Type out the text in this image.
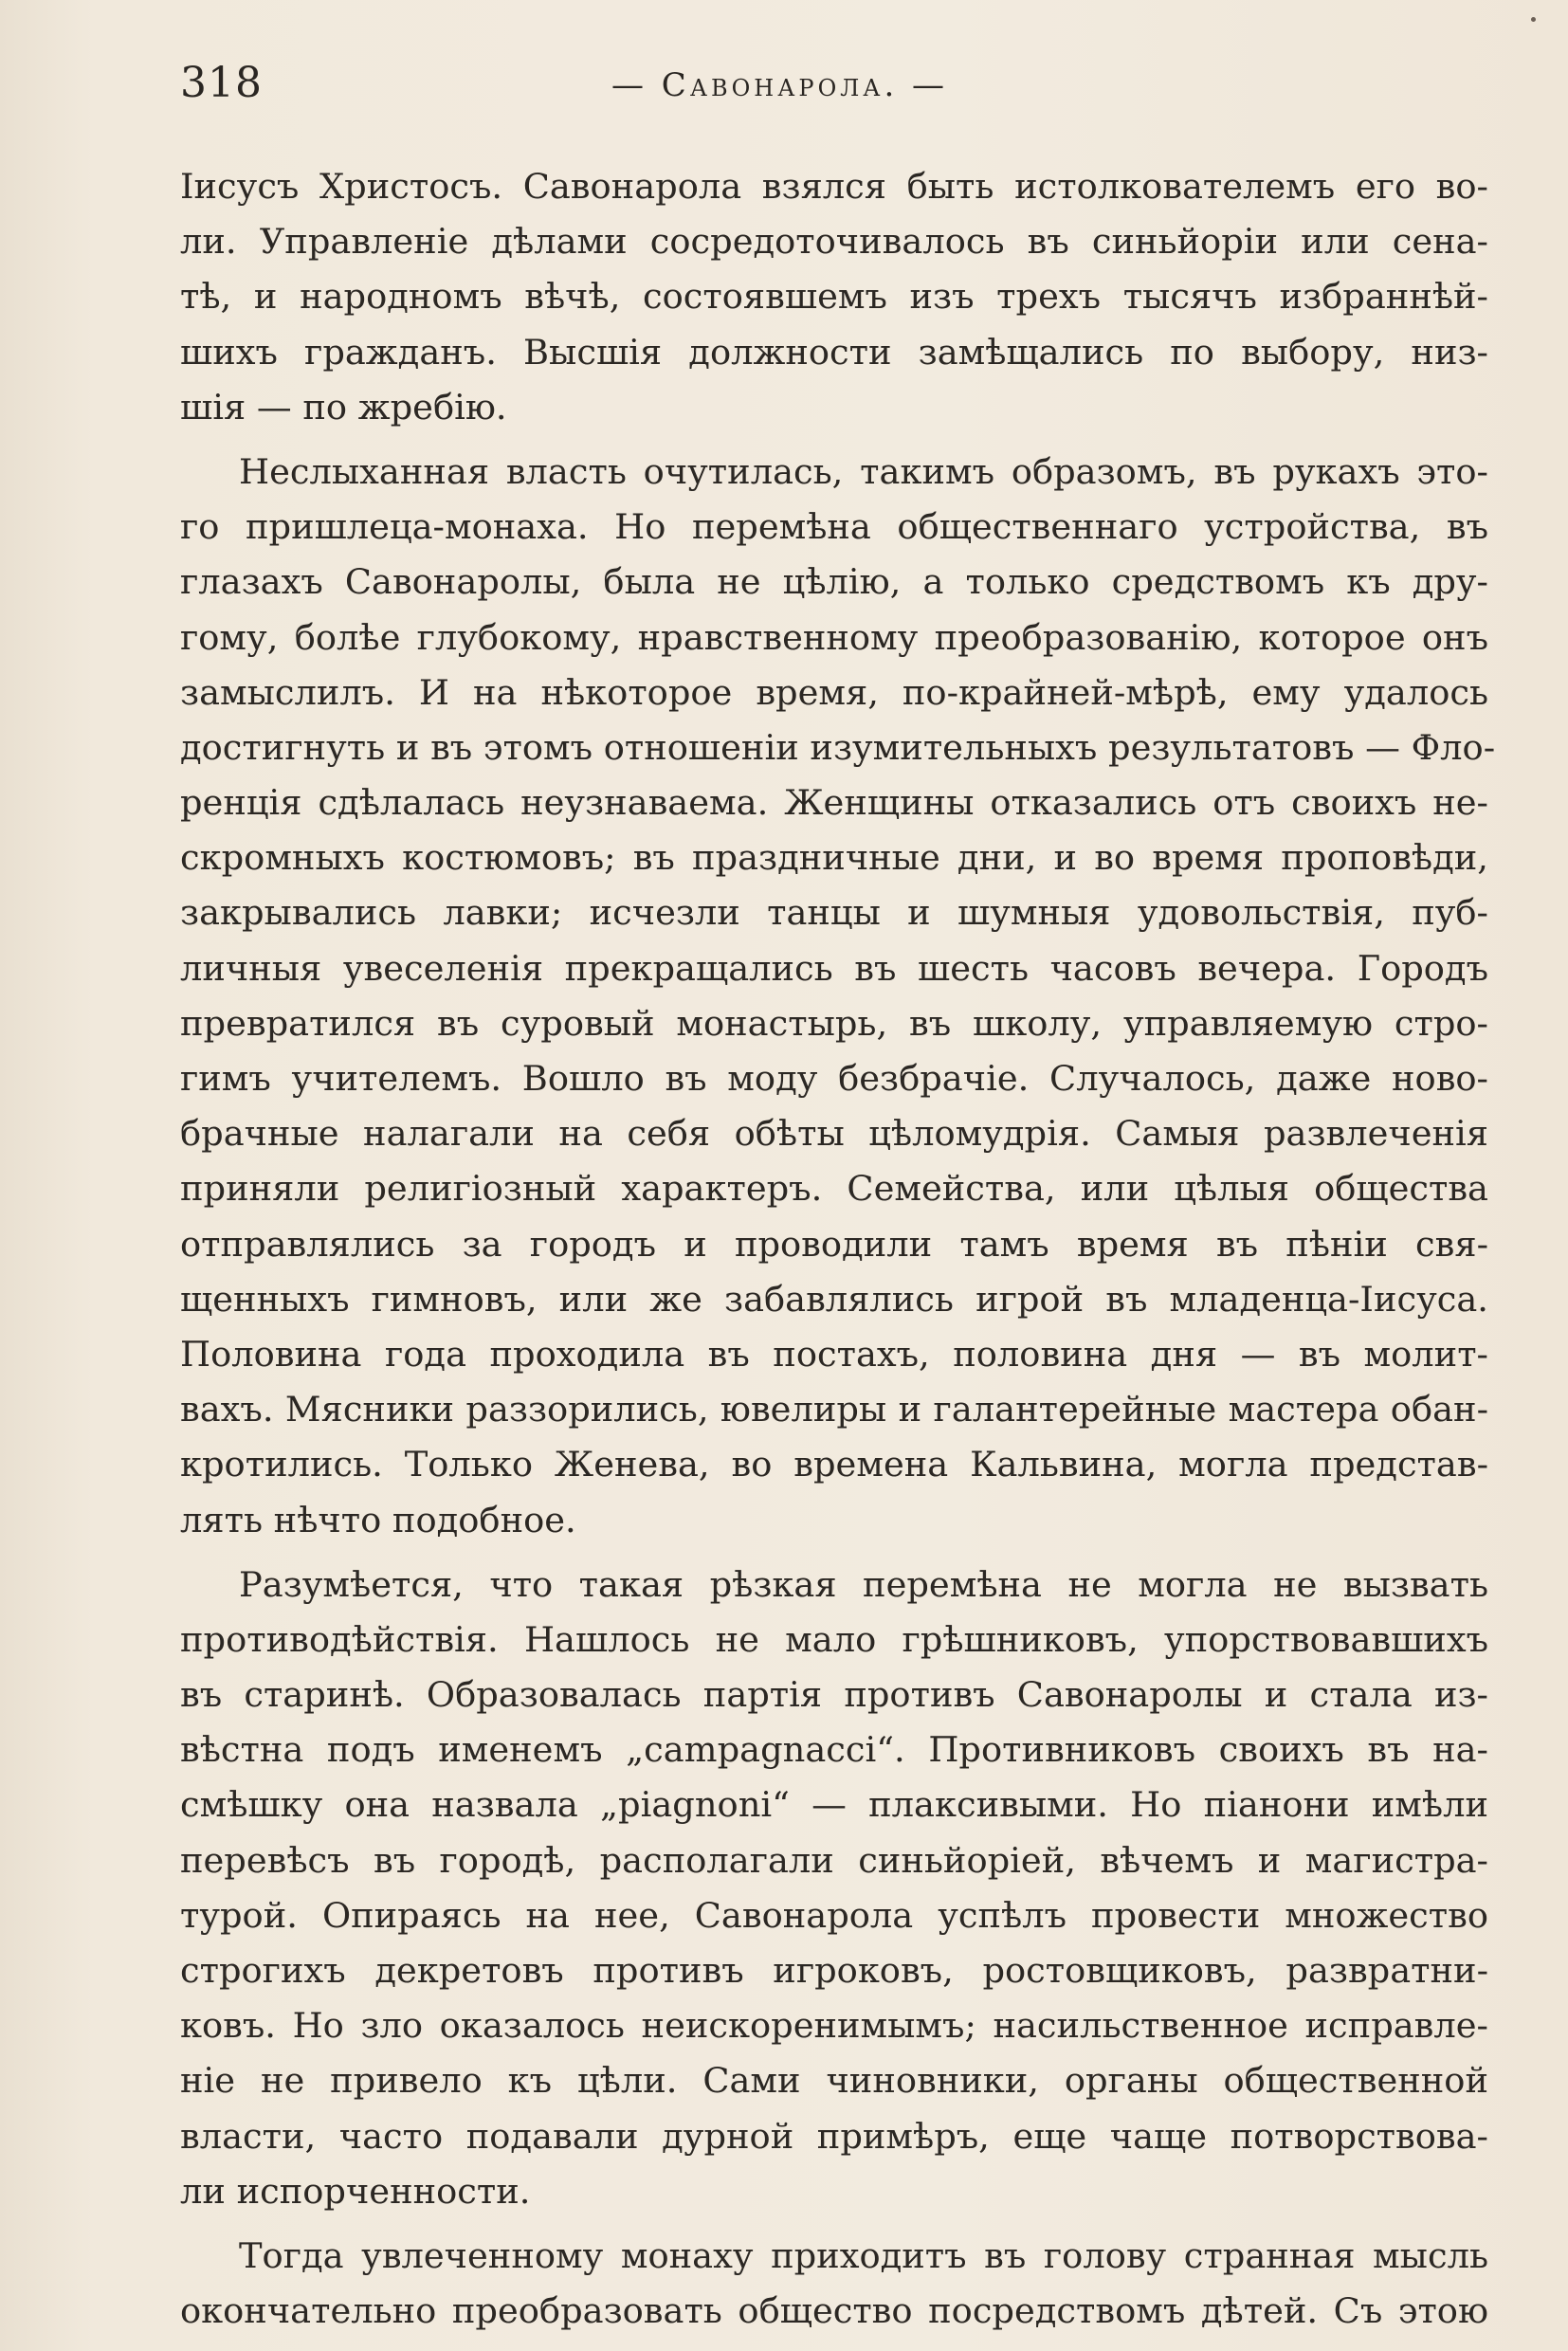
318	— Савонарола. —

Іисусъ Христосъ. Савонарола взялся быть истолкователемъ его во-
ли. Управленіе дѣлами сосредоточивалось въ синьйоріи или сена-
тѣ, и народномъ вѣчѣ, состоявшемъ изъ трехъ тысячъ избраннѣй-
шихъ гражданъ. Высшія должности замѣщались по выбору, низ-
шія — по жребію.

Неслыханная власть очутилась, такимъ образомъ, въ рукахъ это-
го пришлеца-монаха. Но перемѣна общественнаго устройства, въ
глазахъ Савонаролы, была не цѣлію, а только средствомъ къ дру-
гому, болѣе глубокому, нравственному преобразованію, которое онъ
замыслилъ. И на нѣкоторое время, по-крайней-мѣрѣ, ему удалось
достигнуть и въ этомъ отношеніи изумительныхъ результатовъ — Фло-
ренція сдѣлалась неузнаваема. Женщины отказались отъ своихъ не-
скромныхъ костюмовъ; въ праздничные дни, и во время проповѣди,
закрывались лавки; исчезли танцы и шумныя удовольствія, пуб-
личныя увеселенія прекращались въ шесть часовъ вечера. Городъ
превратился въ суровый монастырь, въ школу, управляемую стро-
гимъ учителемъ. Вошло въ моду безбрачіе. Случалось, даже ново-
брачные налагали на себя обѣты цѣломудрія. Самыя развлеченія
приняли религіозный характеръ. Семейства, или цѣлыя общества
отправлялись за городъ и проводили тамъ время въ пѣніи свя-
щенныхъ гимновъ, или же забавлялись игрой въ младенца-Іисуса.
Половина года проходила въ постахъ, половина дня — въ молит-
вахъ. Мясники раззорились, ювелиры и галантерейные мастера обан-
кротились. Только Женева, во времена Кальвина, могла представ-
лять нѣчто подобное.

Разумѣется, что такая рѣзкая перемѣна не могла не вызвать
противодѣйствія. Нашлось не мало грѣшниковъ, упорствовавшихъ
въ старинѣ. Образовалась партія противъ Савонаролы и стала из-
вѣстна подъ именемъ „campagnacci“. Противниковъ своихъ въ на-
смѣшку она назвала „piagnoni“ — плаксивыми. Но піанони имѣли
перевѣсъ въ городѣ, располагали синьйоріей, вѣчемъ и магистра-
турой. Опираясь на нее, Савонарола успѣлъ провести множество
строгихъ декретовъ противъ игроковъ, ростовщиковъ, развратни-
ковъ. Но зло оказалось неискоренимымъ; насильственное исправле-
ніе не привело къ цѣли. Сами чиновники, органы общественной
власти, часто подавали дурной примѣръ, еще чаще потворствова-
ли испорченности.

Тогда увлеченному монаху приходитъ въ голову странная мысль
окончательно преобразовать общество посредствомъ дѣтей. Съ этою
